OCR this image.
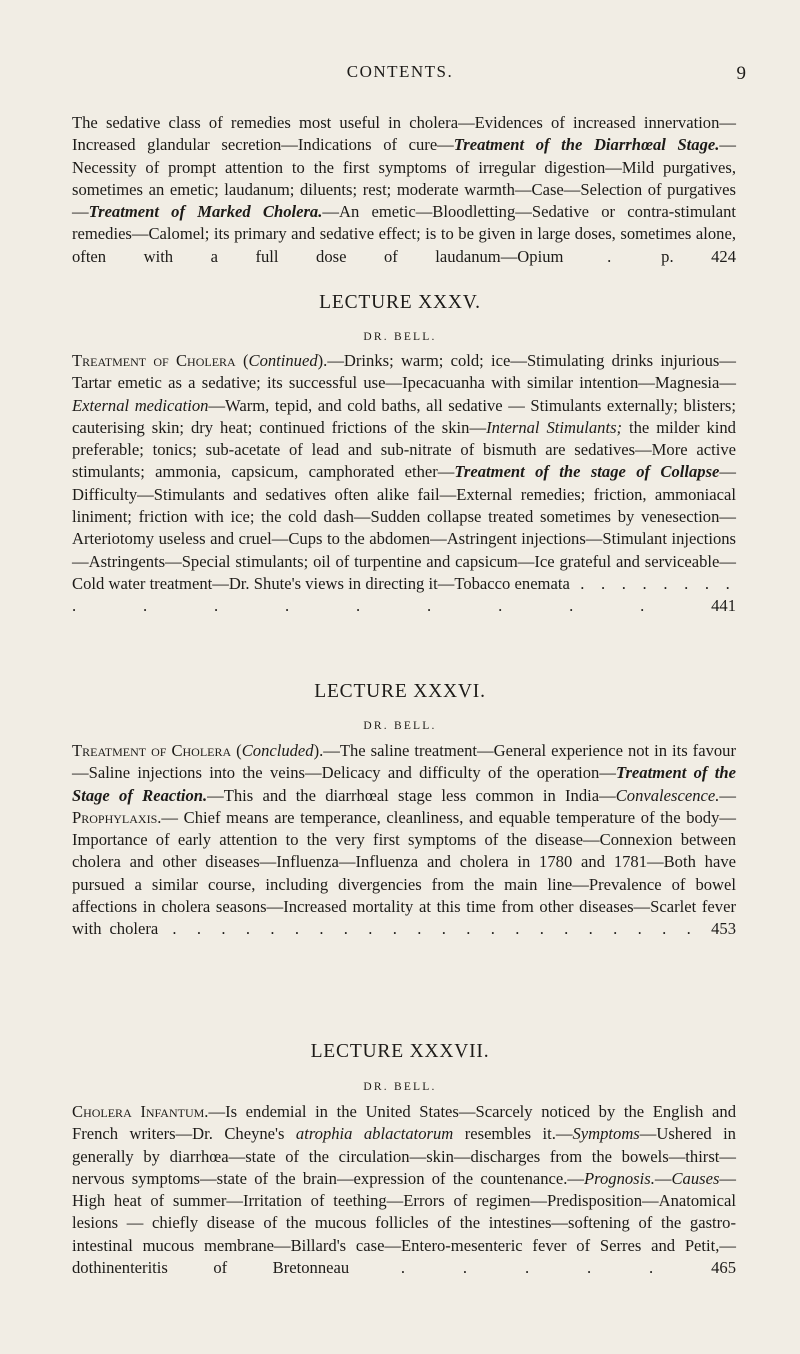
CONTENTS.	9

The sedative class of remedies most useful in cholera—Evidences of increased innervation—Increased glandular secretion—Indications of cure—Treatment of the Diarrhœal Stage.—Necessity of prompt attention to the first symptoms of irregular digestion—Mild purgatives, sometimes an emetic; laudanum; diluents; rest; moderate warmth—Case—Selection of purgatives—Treatment of Marked Cholera.—An emetic—Bloodletting—Sedative or contra-stimulant remedies—Calomel; its primary and sedative effect; is to be given in large doses, sometimes alone, often with a full dose of laudanum—Opium . p. 424

LECTURE XXXV.
DR. BELL.

Treatment of Cholera (Continued).—Drinks; warm; cold; ice—Stimulating drinks injurious—Tartar emetic as a sedative; its successful use—Ipecacuanha with similar intention—Magnesia—External medication—Warm, tepid, and cold baths, all sedative — Stimulants externally; blisters; cauterising skin; dry heat; continued frictions of the skin—Internal Stimulants; the milder kind preferable; tonics; sub-acetate of lead and sub-nitrate of bismuth are sedatives—More active stimulants; ammonia, capsicum, camphorated ether—Treatment of the stage of Collapse—Difficulty—Stimulants and sedatives often alike fail—External remedies; friction, ammoniacal liniment; friction with ice; the cold dash—Sudden collapse treated sometimes by venesection—Arteriotomy useless and cruel—Cups to the abdomen—Astringent injections—Stimulant injections—Astringents—Special stimulants; oil of turpentine and capsicum—Ice grateful and serviceable—Cold water treatment—Dr. Shute's views in directing it—Tobacco enemata . . . . . . . . . . . . . . . . . 441

LECTURE XXXVI.
DR. BELL.

Treatment of Cholera (Concluded).—The saline treatment—General experience not in its favour—Saline injections into the veins—Delicacy and difficulty of the operation—Treatment of the Stage of Reaction.—This and the diarrhœal stage less common in India—Convalescence.—Prophylaxis.— Chief means are temperance, cleanliness, and equable temperature of the body—Importance of early attention to the very first symptoms of the disease—Connexion between cholera and other diseases—Influenza—Influenza and cholera in 1780 and 1781—Both have pursued a similar course, including divergencies from the main line—Prevalence of bowel affections in cholera seasons—Increased mortality at this time from other diseases—Scarlet fever with cholera . . . . . . . . . . . . . . . . . . . . . . 453

LECTURE XXXVII.
DR. BELL.

Cholera Infantum.—Is endemial in the United States—Scarcely noticed by the English and French writers—Dr. Cheyne's atrophia ablactatorum resembles it.—Symptoms—Ushered in generally by diarrhœa—state of the circulation—skin—discharges from the bowels—thirst—nervous symptoms—state of the brain—expression of the countenance.—Prognosis.—Causes—High heat of summer—Irritation of teething—Errors of regimen—Predisposition—Anatomical lesions — chiefly disease of the mucous follicles of the intestines—softening of the gastro-intestinal mucous membrane—Billard's case—Entero-mesenteric fever of Serres and Petit,—dothinenteritis of Bretonneau . . . . . 465
